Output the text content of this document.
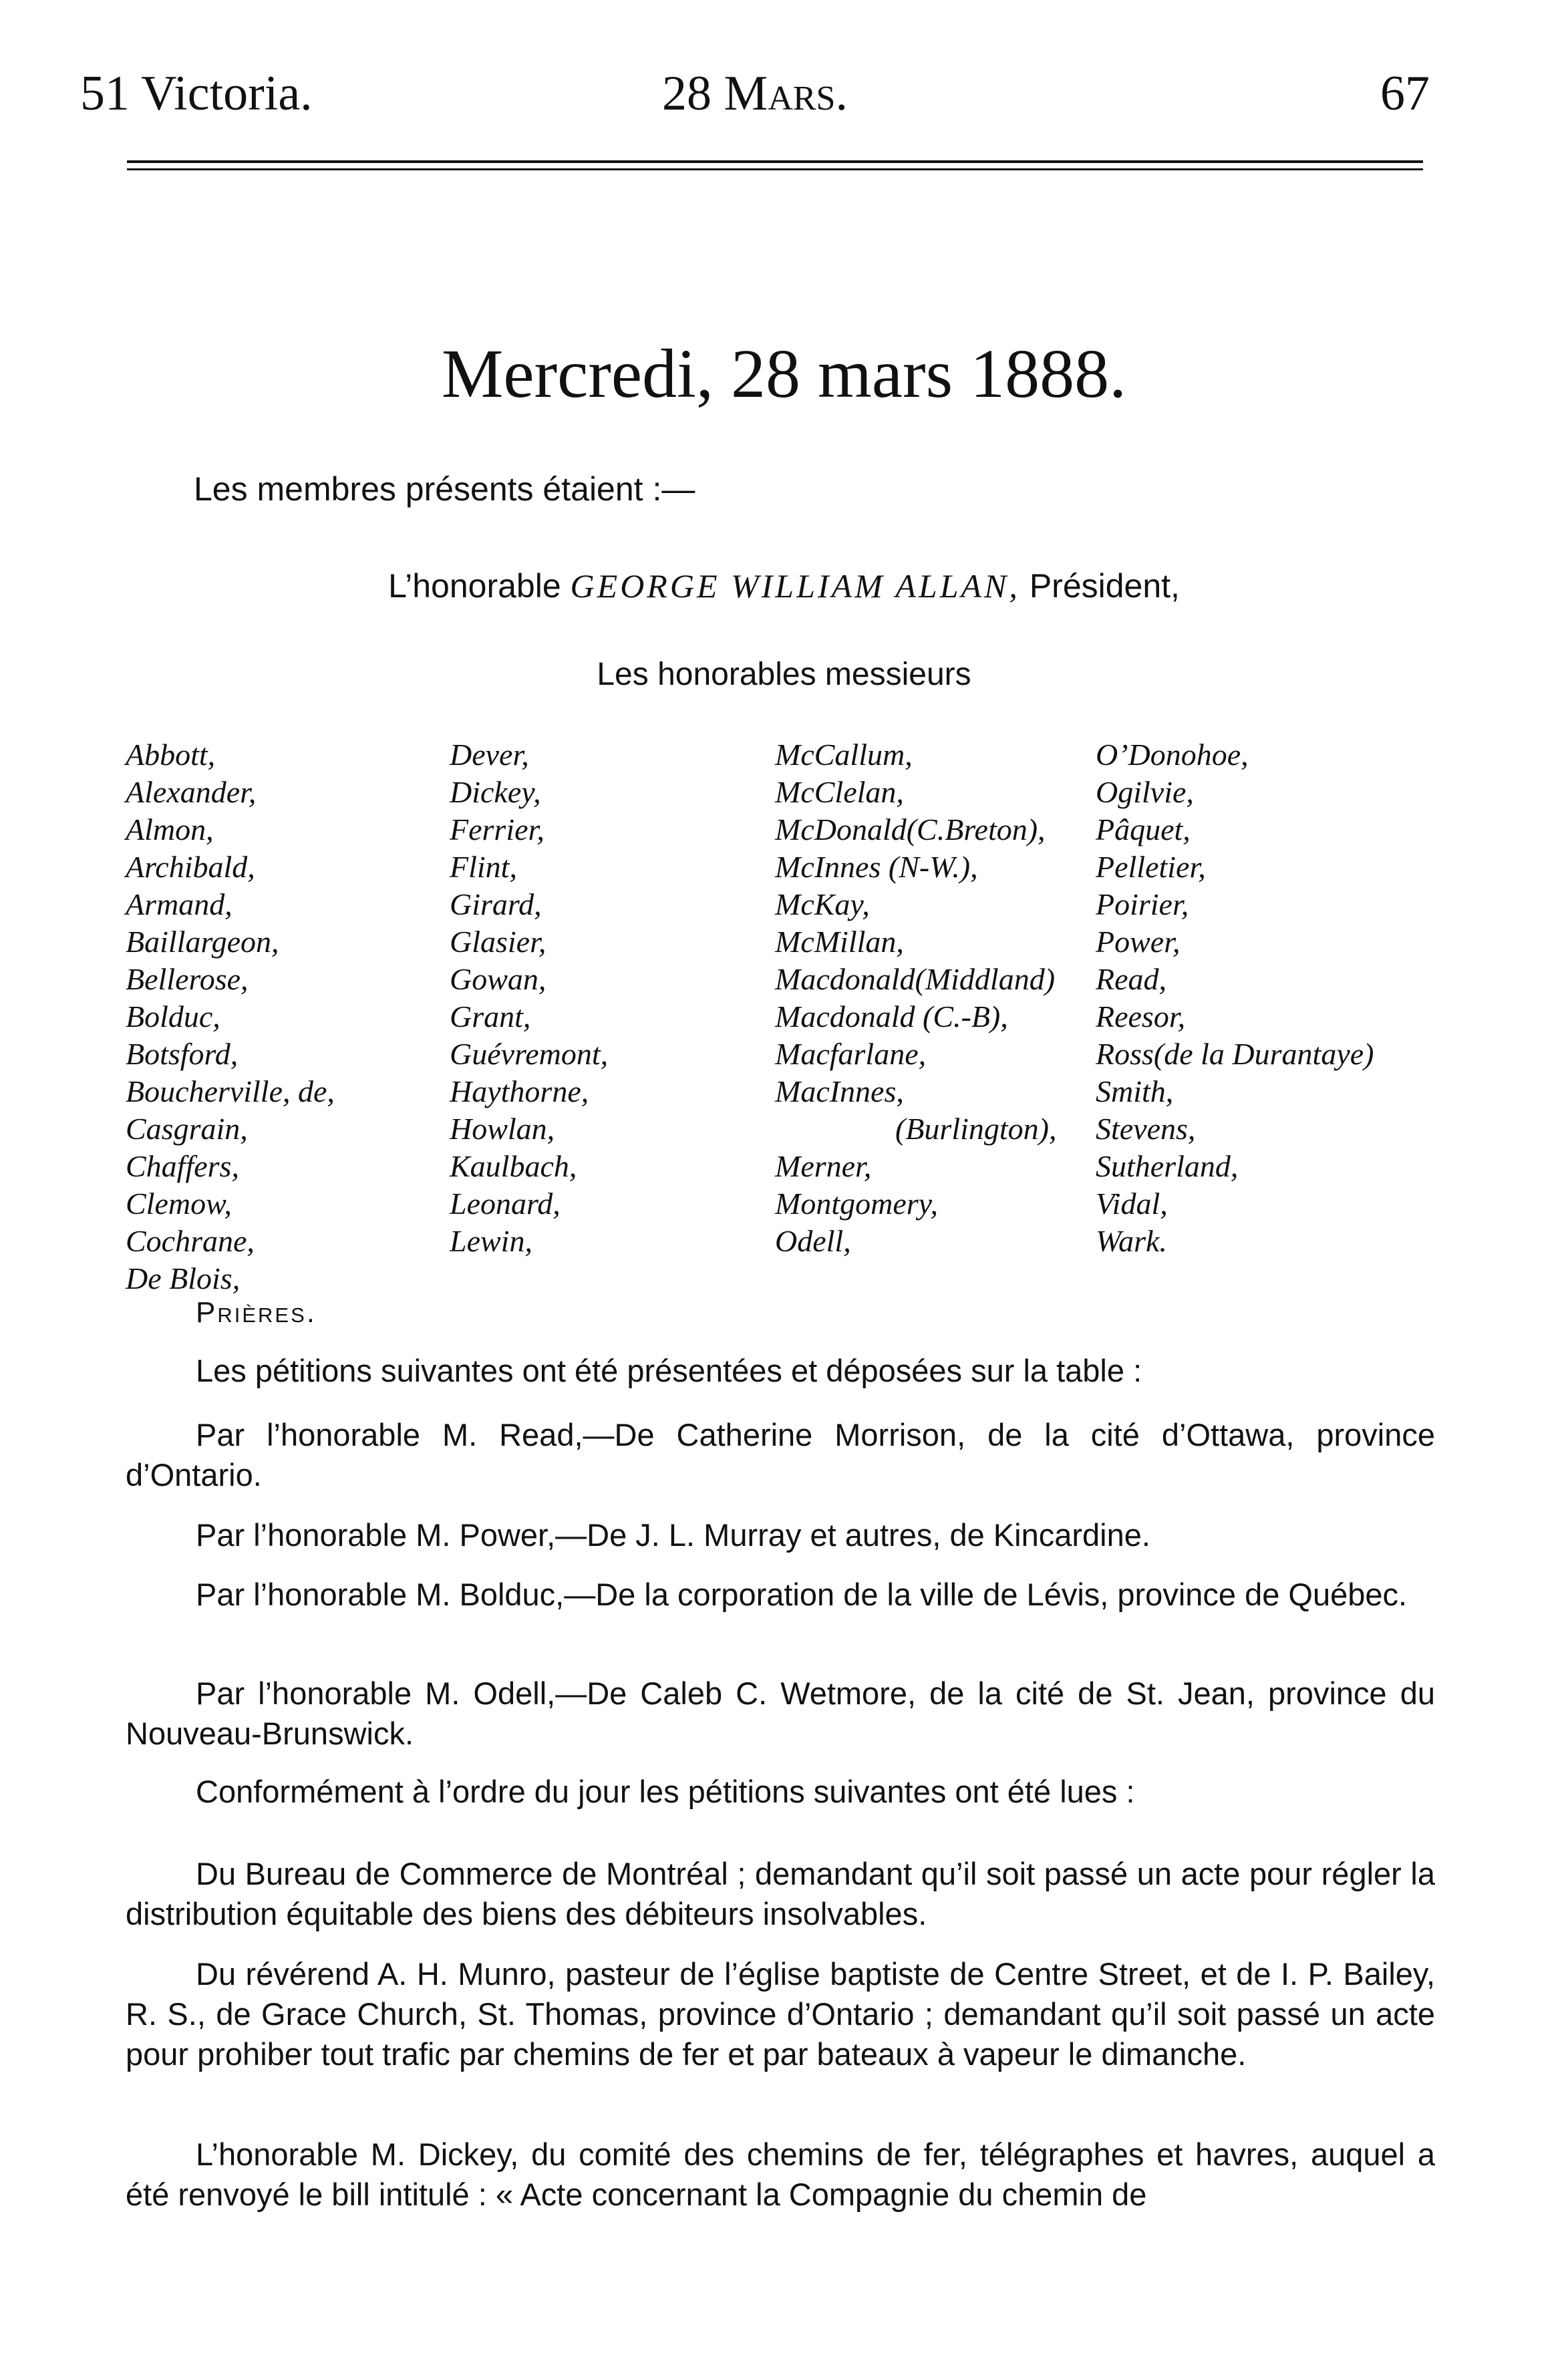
51 Victoria.	28 Mars.	67
Mercredi, 28 mars 1888.
Les membres présents étaient :—
L’honorable GEORGE WILLIAM ALLAN, Président,
Les honorables messieurs
Abbott,
Alexander,
Almon,
Archibald,
Armand,
Baillargeon,
Bellerose,
Bolduc,
Botsford,
Boucherville, de,
Casgrain,
Chaffers,
Clemow,
Cochrane,
De Blois,
Dever,
Dickey,
Ferrier,
Flint,
Girard,
Glasier,
Gowan,
Grant,
Guévremont,
Haythorne,
Howlan,
Kaulbach,
Leonard,
Lewin,
McCallum,
McClelan,
McDonald(C.Breton),
McInnes (N-W.),
McKay,
McMillan,
Macdonald(Middland)
Macdonald (C.-B),
Macfarlane,
MacInnes,
(Burlington),
Merner,
Montgomery,
Odell,
O’Donohoe,
Ogilvie,
Pâquet,
Pelletier,
Poirier,
Power,
Read,
Reesor,
Ross(de la Durantaye)
Smith,
Stevens,
Sutherland,
Vidal,
Wark.
Prières.

Les pétitions suivantes ont été présentées et déposées sur la table :

Par l’honorable M. Read,—De Catherine Morrison, de la cité d’Ottawa, province d’Ontario.

Par l’honorable M. Power,—De J. L. Murray et autres, de Kincardine.

Par l’honorable M. Bolduc,—De la corporation de la ville de Lévis, province de Québec.

Par l’honorable M. Odell,—De Caleb C. Wetmore, de la cité de St. Jean, province du Nouveau-Brunswick.

Conformément à l’ordre du jour les pétitions suivantes ont été lues :

Du Bureau de Commerce de Montréal ; demandant qu’il soit passé un acte pour régler la distribution équitable des biens des débiteurs insolvables.

Du révérend A. H. Munro, pasteur de l’église baptiste de Centre Street, et de I. P. Bailey, R. S., de Grace Church, St. Thomas, province d’Ontario ; demandant qu’il soit passé un acte pour prohiber tout trafic par chemins de fer et par bateaux à vapeur le dimanche.

L’honorable M. Dickey, du comité des chemins de fer, télégraphes et havres, auquel a été renvoyé le bill intitulé : « Acte concernant la Compagnie du chemin de
